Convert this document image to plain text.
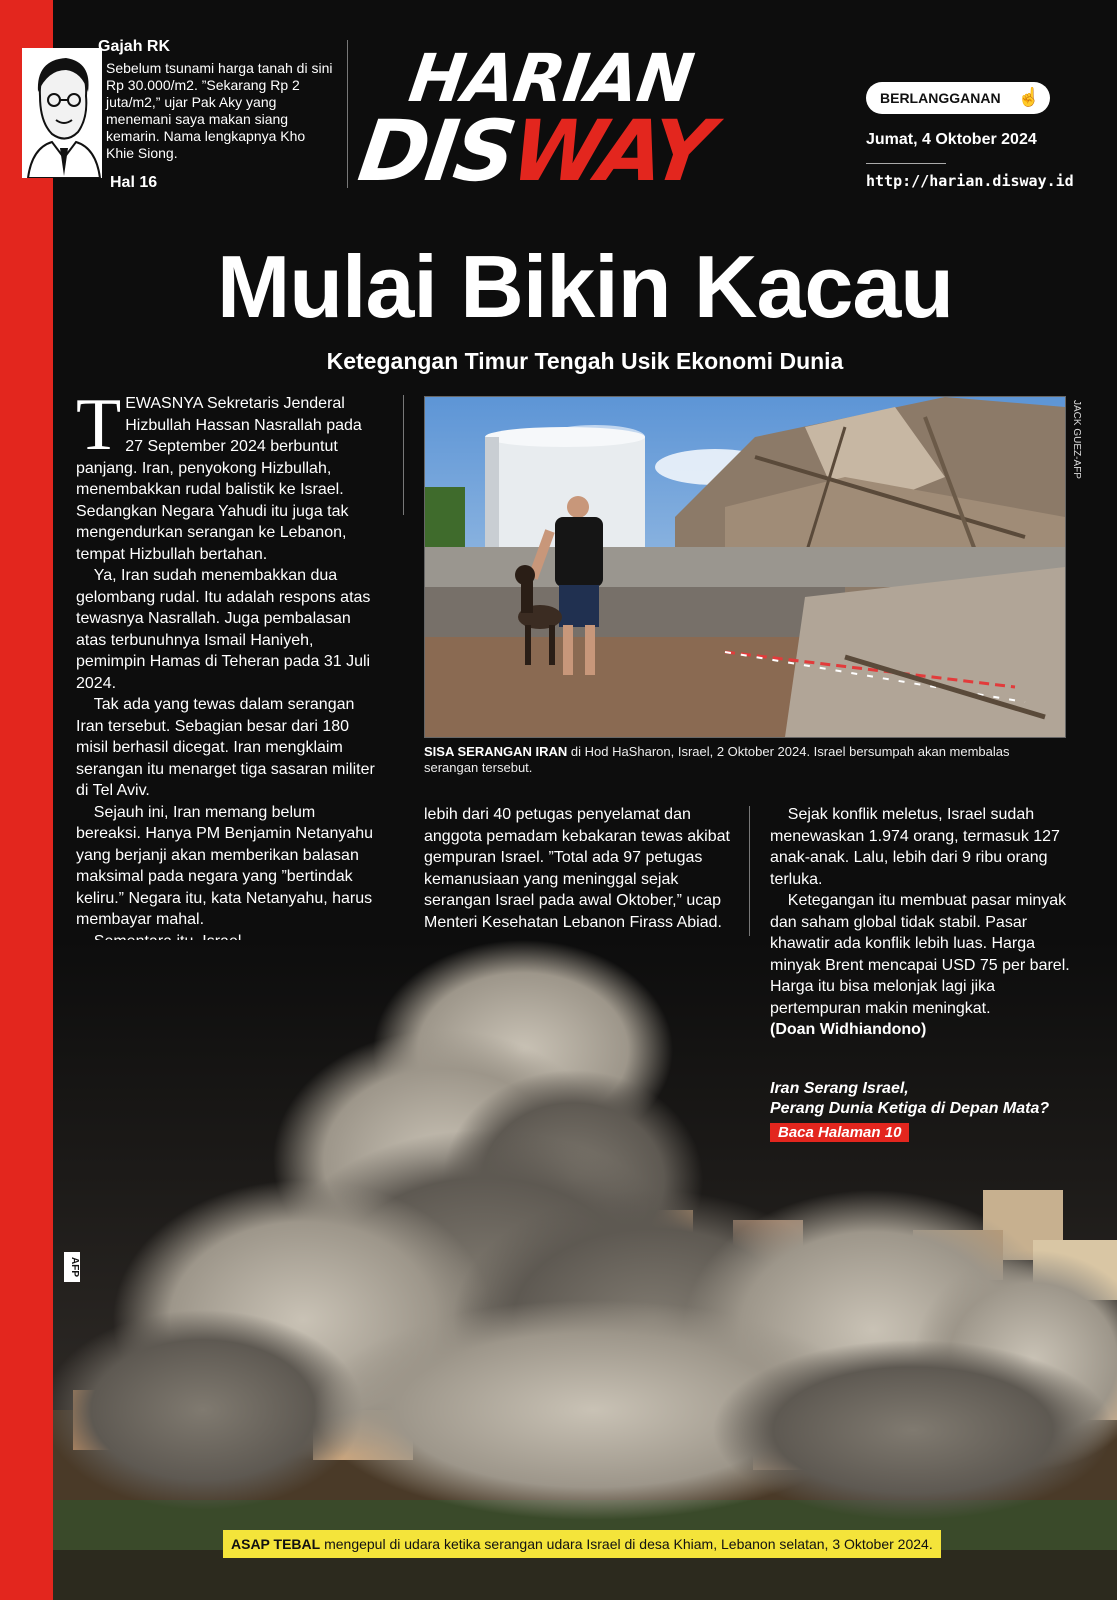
Gajah RK
Sebelum tsunami harga tanah di sini Rp 30.000/m2. ”Sekarang Rp 2 juta/m2,” ujar Pak Aky yang menemani saya makan siang kemarin. Nama lengkapnya Kho Khie Siong.
Hal 16
HARIAN
DISWAY
BERLANGGANAN ☝
Jumat, 4 Oktober 2024
http://harian.disway.id
Mulai Bikin Kacau
Ketegangan Timur Tengah Usik Ekonomi Dunia
T EWASNYA Sekretaris Jenderal Hizbullah Hassan Nasrallah pada 27 September 2024 berbuntut panjang. Iran, penyokong Hizbullah, menembakkan rudal balistik ke Israel. Sedangkan Negara Yahudi itu juga tak mengendurkan serangan ke Lebanon, tempat Hizbullah bertahan.
Ya, Iran sudah menembakkan dua gelombang rudal. Itu adalah respons atas tewasnya Nasrallah. Juga pembalasan atas terbunuhnya Ismail Haniyeh, pemimpin Hamas di Teheran pada 31 Juli 2024.
Tak ada yang tewas dalam serangan Iran tersebut. Sebagian besar dari 180 misil berhasil dicegat. Iran mengklaim serangan itu menarget tiga sasaran militer di Tel Aviv.
Sejauh ini, Iran memang belum bereaksi. Hanya PM Benjamin Netanyahu yang berjanji akan memberikan balasan maksimal pada negara yang ”bertindak keliru.” Negara itu, kata Netanyahu, harus membayar mahal.

JACK GUEZ-AFP
SISA SERANGAN IRAN di Hod HaSharon, Israel, 2 Oktober 2024. Israel bersumpah akan membalas serangan tersebut.
AFP
lebih dari 40 petugas penyelamat dan anggota pemadam kebakaran tewas akibat gempuran Israel. ”Total ada 97 petugas kemanusiaan yang meninggal sejak serangan Israel pada awal Oktober,” ucap Menteri Kesehatan Lebanon Firass Abiad.
Sejak konflik meletus, Israel sudah menewaskan 1.974 orang, termasuk 127 anak-anak. Lalu, lebih dari 9 ribu orang terluka.
Ketegangan itu membuat pasar minyak dan saham global tidak stabil. Pasar khawatir ada konflik lebih luas. Harga minyak Brent mencapai USD 75 per barel. Harga itu bisa melonjak lagi jika pertempuran makin meningkat.
(Doan Widhiandono)
Iran Serang Israel,
Perang Dunia Ketiga di Depan Mata?
Baca Halaman 10
ASAP TEBAL mengepul di udara ketika serangan udara Israel di desa Khiam, Lebanon selatan, 3 Oktober 2024.
